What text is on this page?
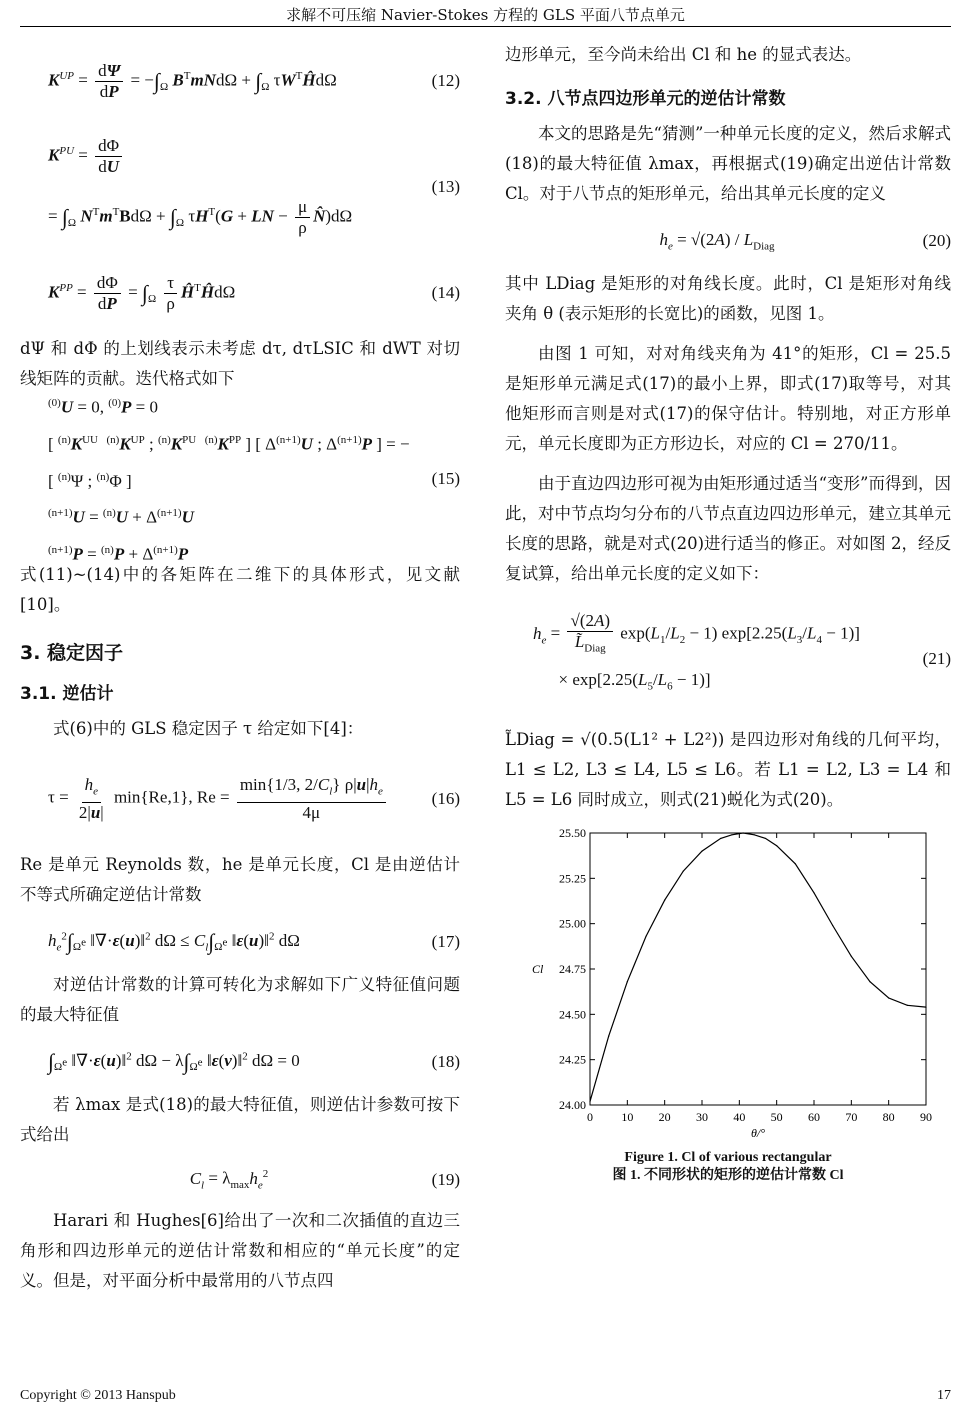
求解不可压缩 Navier-Stokes 方程的 GLS 平面八节点单元
$K^{UP} = \frac{d\Psi}{dP} = -\int_\Omega$ $B^TmNd\Omega + \int_\Omega$ $\tau W^TĤd\Omega$	(12)
$K^{PU} = \frac{d\Phi}{dU}$

= $\int_\Omega$ $N^Tm^TBd\Omega + \int_\Omega$ $\tau H^T(G$ + LN − $\frac{\mu}{\rho}$ N̂)dΩ
(13)
$K^{PP} = \frac{d\Phi}{dP} = \int_\Omega \frac{\tau}{\rho}$ $Ĥ^TĤd\Omega$	(14)

dΨ 和 dΦ 的上划线表示未考虑 dτ, dτLSIC 和 dWT 对切线矩阵的贡献。迭代格式如下

$^{(0)}$U = 0, $^{(0)}$P = 0
[ $^{(n)}K^{UU}$ $^{(n)}K^{UP}$ ; $^{(n)}K^{PU}$ $^{(n)}K^{PP}$ ] [ $\Delta^{(n+1)}U$ ; $\Delta^{(n+1)}P$ ] = − [ $^{(n)}$Ψ ; $^{(n)}$Φ ]
$^{(n+1)}U = ^{(n)}U + \Delta^{(n+1)}U$
$^{(n+1)}P = ^{(n)}P + \Delta^{(n+1)}P$
(15)

式(11)~(14)中的各矩阵在二维下的具体形式，见文献[10]。

3. 稳定因子
3.1. 逆估计

式(6)中的 GLS 稳定因子 τ 给定如下[4]：

$\tau = \frac{h_e}{2|u|} \min\{Re,1\}$, $Re = \frac{\min\{1/3, 2/C_l\} \rho|u|h_e}{4\mu}$	(16)

Re 是单元 Reynolds 数，he 是单元长度，Cl 是由逆估计不等式所确定逆估计常数

$h_e^2\int_{\Omega^e}$ ‖∇·ε(u)‖$^2$ $d\Omega \le C_l\int_{\Omega^e}$ ‖ε(u)‖$^2$ dΩ	(17)

对逆估计常数的计算可转化为求解如下广义特征值问题的最大特征值

$\int_{\Omega^e}$ ‖∇·ε(u)‖$^2$ $d\Omega - \lambda\int_{\Omega^e}$ ‖ε(v)‖$^2$ dΩ = 0	(18)

若 λmax 是式(18)的最大特征值，则逆估计参数可按下式给出

$C_l = \lambda_{max}h_e^2$	(19)

Harari 和 Hughes[6]给出了一次和二次插值的直边三角形和四边形单元的逆估计常数和相应的“单元长度”的定义。但是，对平面分析中最常用的八节点四

边形单元，至今尚未给出 Cl 和 he 的显式表达。

3.2. 八节点四边形单元的逆估计常数

本文的思路是先“猜测”一种单元长度的定义，然后求解式(18)的最大特征值 λmax，再根据式(19)确定出逆估计常数 Cl。对于八节点的矩形单元，给出其单元长度的定义

$h_e = √(2A) / L_{Diag}$	(20)

其中 LDiag 是矩形的对角线长度。此时，Cl 是矩形对角线夹角 θ (表示矩形的长宽比)的函数，见图 1。

由图 1 可知，对对角线夹角为 41°的矩形，Cl = 25.5 是矩形单元满足式(17)的最小上界，即式(17)取等号，对其他矩形而言则是对式(17)的保守估计。特别地，对正方形单元，单元长度即为正方形边长，对应的 Cl = 270/11。

由于直边四边形可视为由矩形通过适当“变形”而得到，因此，对中节点均匀分布的八节点直边四边形单元，建立其单元长度的思路，就是对式(20)进行适当的修正。对如图 2，经反复试算，给出单元长度的定义如下：

$h_e = \frac{√(2A)}{L̃_{Diag}} \exp(L_1/L_2 - 1) \exp[2.25(L_3/L_4 - 1)]$
× $\exp[2.25(L_5/L_6 - 1)]$
(21)

L̃Diag = √(0.5(L1² + L2²)) 是四边形对角线的几何平均，L1 ≤ L2, L3 ≤ L4, L5 ≤ L6。若 L1 = L2, L3 = L4 和 L5 = L6 同时成立，则式(21)蜕化为式(20)。

0 10 20 30 40 50 60 70 80 90
24.00
24.25
24.50
24.75
25.00
25.25
25.50
θ/°
Cl
Figure 1. Cl of various rectangular
图 1. 不同形状的矩形的逆估计常数 Cl
Copyright © 2013 Hanspub	17
